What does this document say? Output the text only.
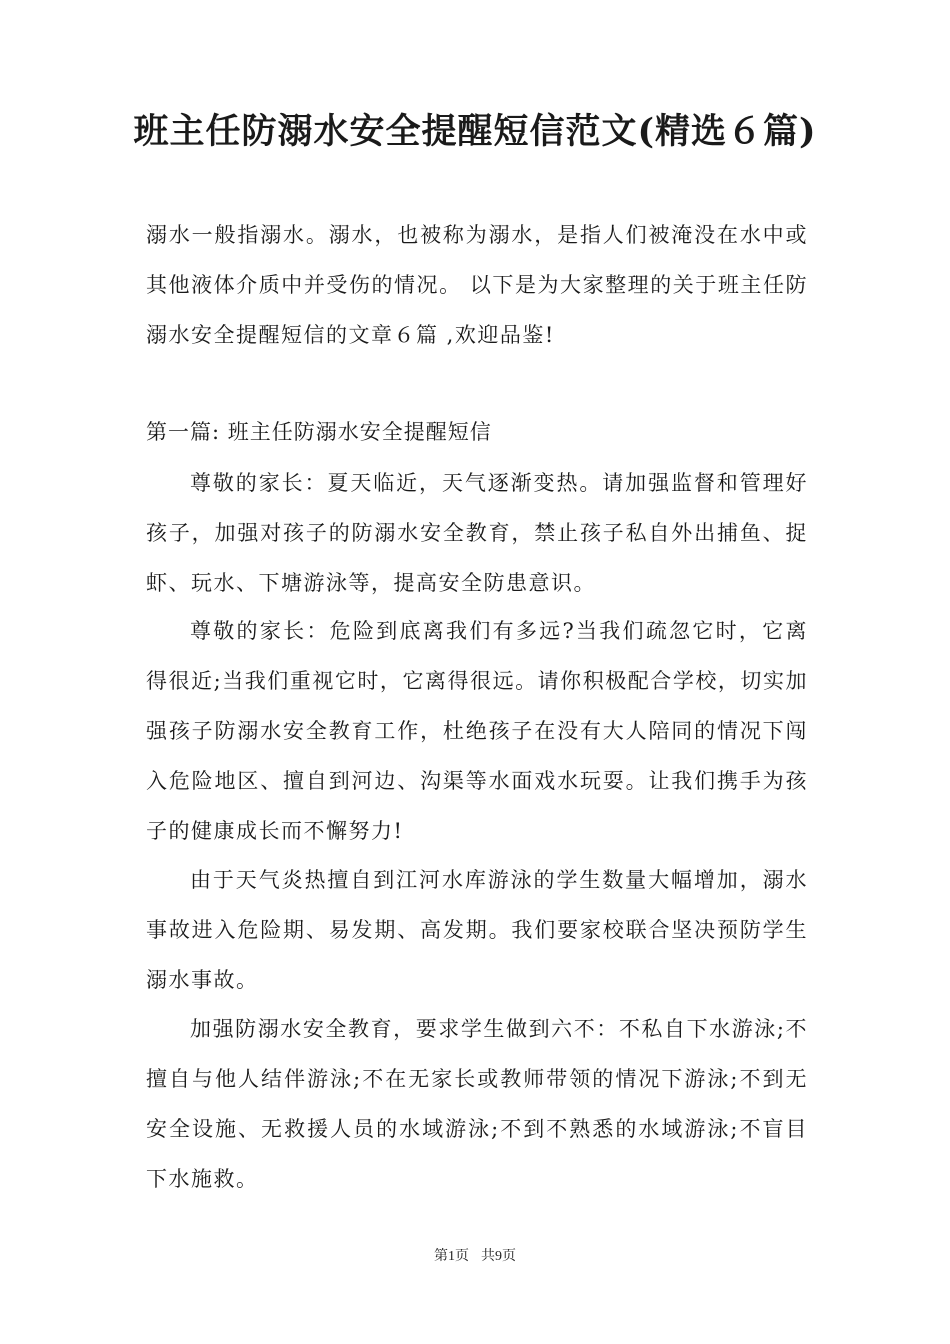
班主任防溺水安全提醒短信范文(精选６篇)

溺水一般指溺水。溺水，也被称为溺水，是指人们被淹没在水中或其他液体介质中并受伤的情况。 以下是为大家整理的关于班主任防溺水安全提醒短信的文章６篇 ,欢迎品鉴!

第一篇: 班主任防溺水安全提醒短信

尊敬的家长：夏天临近，天气逐渐变热。请加强监督和管理好孩子，加强对孩子的防溺水安全教育，禁止孩子私自外出捕鱼、捉虾、玩水、下塘游泳等，提高安全防患意识。

尊敬的家长：危险到底离我们有多远?当我们疏忽它时，它离得很近;当我们重视它时，它离得很远。请你积极配合学校，切实加强孩子防溺水安全教育工作，杜绝孩子在没有大人陪同的情况下闯入危险地区、擅自到河边、沟渠等水面戏水玩耍。让我们携手为孩子的健康成长而不懈努力!

由于天气炎热擅自到江河水库游泳的学生数量大幅增加，溺水事故进入危险期、易发期、高发期。我们要家校联合坚决预防学生溺水事故。

加强防溺水安全教育，要求学生做到六不：不私自下水游泳;不擅自与他人结伴游泳;不在无家长或教师带领的情况下游泳;不到无安全设施、无救援人员的水域游泳;不到不熟悉的水域游泳;不盲目下水施救。

第1页 共9页
